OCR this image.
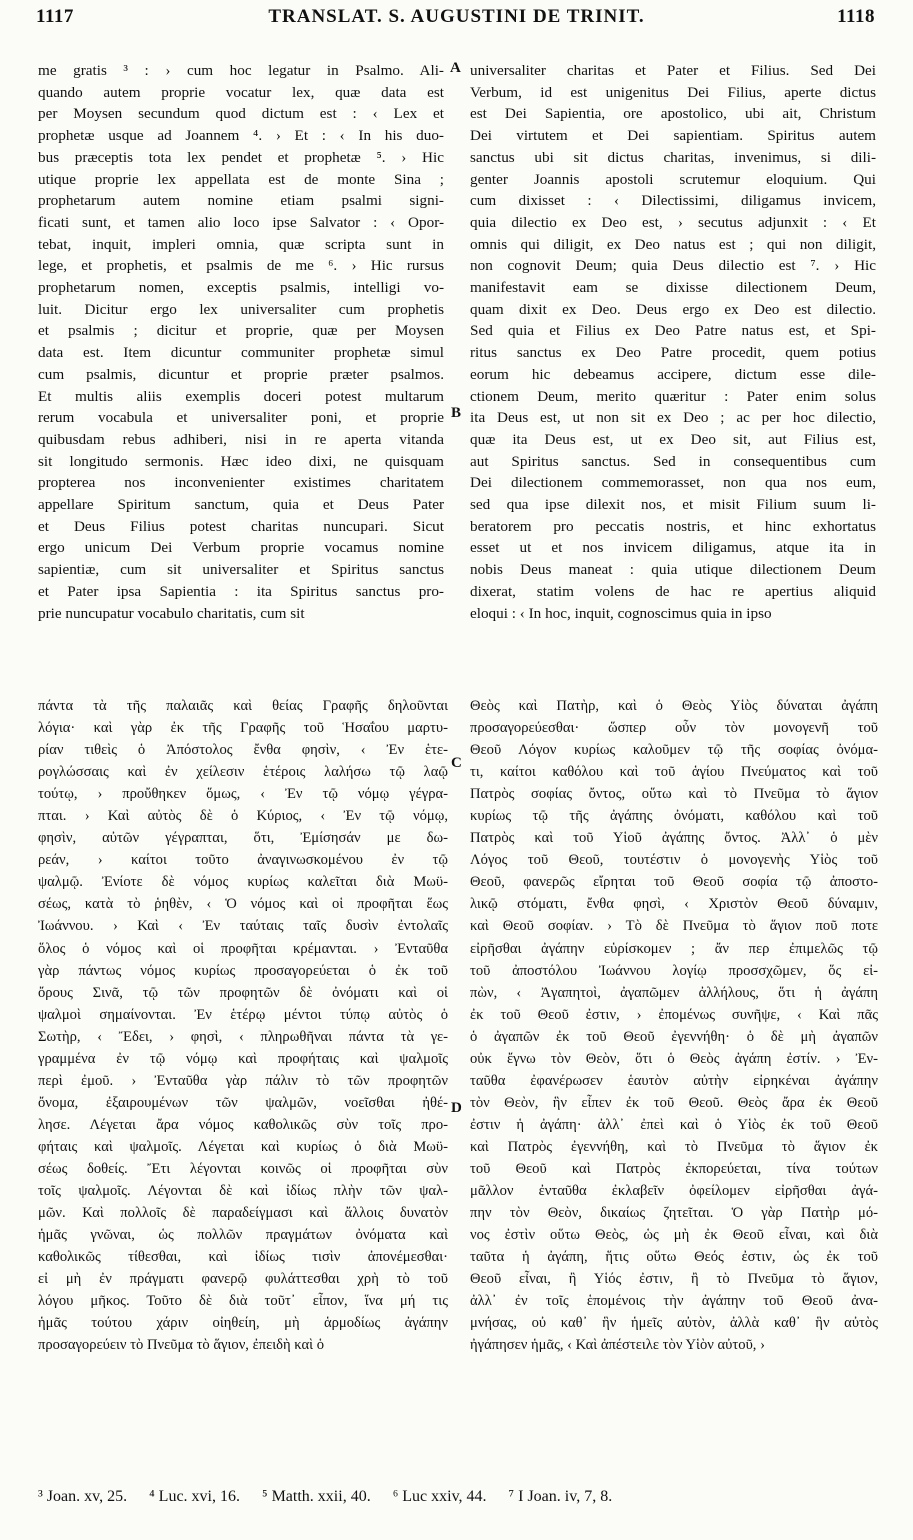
1117	TRANSLAT. S. AUGUSTINI DE TRINIT.	1118

me gratis ³ : › cum hoc legatur in Psalmo. Ali-

quando autem proprie vocatur lex, quæ data est

per Moysen secundum quod dictum est : ‹ Lex et

prophetæ usque ad Joannem ⁴. › Et : ‹ In his duo-

bus præceptis tota lex pendet et prophetæ ⁵. › Hic

utique proprie lex appellata est de monte Sina ;

prophetarum autem nomine etiam psalmi signi-

ficati sunt, et tamen alio loco ipse Salvator : ‹ Opor-

tebat, inquit, impleri omnia, quæ scripta sunt in

lege, et prophetis, et psalmis de me ⁶. › Hic rursus

prophetarum nomen, exceptis psalmis, intelligi vo-

luit. Dicitur ergo lex universaliter cum prophetis

et psalmis ; dicitur et proprie, quæ per Moysen

data est. Item dicuntur communiter prophetæ simul

cum psalmis, dicuntur et proprie præter psalmos.

Et multis aliis exemplis doceri potest multarum

rerum vocabula et universaliter poni, et proprie

quibusdam rebus adhiberi, nisi in re aperta vitanda

sit longitudo sermonis. Hæc ideo dixi, ne quisquam

propterea nos inconvenienter existimes charitatem

appellare Spiritum sanctum, quia et Deus Pater

et Deus Filius potest charitas nuncupari. Sicut

ergo unicum Dei Verbum proprie vocamus nomine

sapientiæ, cum sit universaliter et Spiritus sanctus

et Pater ipsa Sapientia : ita Spiritus sanctus pro-

prie nuncupatur vocabulo charitatis, cum sit

universaliter charitas et Pater et Filius. Sed Dei

Verbum, id est unigenitus Dei Filius, aperte dictus

est Dei Sapientia, ore apostolico, ubi ait, Christum

Dei virtutem et Dei sapientiam. Spiritus autem

sanctus ubi sit dictus charitas, invenimus, si dili-

genter Joannis apostoli scrutemur eloquium. Qui

cum dixisset : ‹ Dilectissimi, diligamus invicem,

quia dilectio ex Deo est, › secutus adjunxit : ‹ Et

omnis qui diligit, ex Deo natus est ; qui non diligit,

non cognovit Deum; quia Deus dilectio est ⁷. › Hic

manifestavit eam se dixisse dilectionem Deum,

quam dixit ex Deo. Deus ergo ex Deo est dilectio.

Sed quia et Filius ex Deo Patre natus est, et Spi-

ritus sanctus ex Deo Patre procedit, quem potius

eorum hic debeamus accipere, dictum esse dile-

ctionem Deum, merito quæritur : Pater enim solus

ita Deus est, ut non sit ex Deo ; ac per hoc dilectio,

quæ ita Deus est, ut ex Deo sit, aut Filius est,

aut Spiritus sanctus. Sed in consequentibus cum

Dei dilectionem commemorasset, non qua nos eum,

sed qua ipse dilexit nos, et misit Filium suum li-

beratorem pro peccatis nostris, et hinc exhortatus

esset ut et nos invicem diligamus, atque ita in

nobis Deus maneat : quia utique dilectionem Deum

dixerat, statim volens de hac re apertius aliquid

eloqui : ‹ In hoc, inquit, cognoscimus quia in ipso

πάντα τὰ τῆς παλαιᾶς καὶ θείας Γραφῆς δηλοῦνται

λόγια· καὶ γὰρ ἐκ τῆς Γραφῆς τοῦ Ἡσαΐου μαρτυ-

ρίαν τιθεὶς ὁ Ἀπόστολος ἔνθα φησὶν, ‹ Ἐν ἑτε-

ρογλώσσαις καὶ ἐν χείλεσιν ἑτέροις λαλήσω τῷ λαῷ

τούτῳ, › προὔθηκεν ὅμως, ‹ Ἐν τῷ νόμῳ γέγρα-

πται. › Καὶ αὐτὸς δὲ ὁ Κύριος, ‹ Ἐν τῷ νόμῳ,

φησὶν, αὐτῶν γέγραπται, ὅτι, Ἐμίσησάν με δω-

ρεάν, › καίτοι τοῦτο ἀναγινωσκομένου ἐν τῷ

ψαλμῷ. Ἐνίοτε δὲ νόμος κυρίως καλεῖται διὰ Μωϋ-

σέως, κατὰ τὸ ῥηθὲν, ‹ Ὁ νόμος καὶ οἱ προφῆται ἕως

Ἰωάννου. › Καὶ ‹ Ἐν ταύταις ταῖς δυσὶν ἐντολαῖς

ὅλος ὁ νόμος καὶ οἱ προφῆται κρέμανται. › Ἐνταῦθα

γὰρ πάντως νόμος κυρίως προσαγορεύεται ὁ ἐκ τοῦ

ὄρους Σινᾶ, τῷ τῶν προφητῶν δὲ ὀνόματι καὶ οἱ

ψαλμοὶ σημαίνονται. Ἐν ἑτέρῳ μέντοι τύπῳ αὐτὸς ὁ

Σωτὴρ, ‹ Ἔδει, › φησὶ, ‹ πληρωθῆναι πάντα τὰ γε-

γραμμένα ἐν τῷ νόμῳ καὶ προφήταις καὶ ψαλμοῖς

περὶ ἐμοῦ. › Ἐνταῦθα γὰρ πάλιν τὸ τῶν προφητῶν

ὄνομα, ἐξαιρουμένων τῶν ψαλμῶν, νοεῖσθαι ἠθέ-

λησε. Λέγεται ἄρα νόμος καθολικῶς σὺν τοῖς προ-

φήταις καὶ ψαλμοῖς. Λέγεται καὶ κυρίως ὁ διὰ Μωϋ-

σέως δοθείς. Ἔτι λέγονται κοινῶς οἱ προφῆται σὺν

τοῖς ψαλμοῖς. Λέγονται δὲ καὶ ἰδίως πλὴν τῶν ψαλ-

μῶν. Καὶ πολλοῖς δὲ παραδείγμασι καὶ ἄλλοις δυνατὸν

ἡμᾶς γνῶναι, ὡς πολλῶν πραγμάτων ὀνόματα καὶ

καθολικῶς τίθεσθαι, καὶ ἰδίως τισὶν ἀπονέμεσθαι·

εἰ μὴ ἐν πράγματι φανερῷ φυλάττεσθαι χρὴ τὸ τοῦ

λόγου μῆκος. Τοῦτο δὲ διὰ τοῦτ᾽ εἶπον, ἵνα μή τις

ἡμᾶς τούτου χάριν οἰηθείη, μὴ ἁρμοδίως ἀγάπην

προσαγορεύειν τὸ Πνεῦμα τὸ ἅγιον, ἐπειδὴ καὶ ὁ

Θεὸς καὶ Πατὴρ, καὶ ὁ Θεὸς Υἱὸς δύναται ἀγάπη

προσαγορεύεσθαι· ὥσπερ οὖν τὸν μονογενῆ τοῦ

Θεοῦ Λόγον κυρίως καλοῦμεν τῷ τῆς σοφίας ὀνόμα-

τι, καίτοι καθόλου καὶ τοῦ ἁγίου Πνεύματος καὶ τοῦ

Πατρὸς σοφίας ὄντος, οὕτω καὶ τὸ Πνεῦμα τὸ ἅγιον

κυρίως τῷ τῆς ἀγάπης ὀνόματι, καθόλου καὶ τοῦ

Πατρὸς καὶ τοῦ Υἱοῦ ἀγάπης ὄντος. Ἀλλ᾽ ὁ μὲν

Λόγος τοῦ Θεοῦ, τουτέστιν ὁ μονογενὴς Υἱὸς τοῦ

Θεοῦ, φανερῶς εἴρηται τοῦ Θεοῦ σοφία τῷ ἀποστο-

λικῷ στόματι, ἔνθα φησὶ, ‹ Χριστὸν Θεοῦ δύναμιν,

καὶ Θεοῦ σοφίαν. › Τὸ δὲ Πνεῦμα τὸ ἅγιον ποῦ ποτε

εἰρῆσθαι ἀγάπην εὑρίσκομεν ; ἄν περ ἐπιμελῶς τῷ

τοῦ ἀποστόλου Ἰωάννου λογίῳ προσσχῶμεν, ὅς εἰ-

πὼν, ‹ Ἀγαπητοὶ, ἀγαπῶμεν ἀλλήλους, ὅτι ἡ ἀγάπη

ἐκ τοῦ Θεοῦ ἐστιν, › ἐπομένως συνῆψε, ‹ Καὶ πᾶς

ὁ ἀγαπῶν ἐκ τοῦ Θεοῦ ἐγεννήθη· ὁ δὲ μὴ ἀγαπῶν

οὐκ ἔγνω τὸν Θεὸν, ὅτι ὁ Θεὸς ἀγάπη ἐστίν. › Ἐν-

ταῦθα ἐφανέρωσεν ἑαυτὸν αὐτὴν εἰρηκέναι ἀγάπην

τὸν Θεὸν, ἣν εἶπεν ἐκ τοῦ Θεοῦ. Θεὸς ἄρα ἐκ Θεοῦ

ἐστιν ἡ ἀγάπη· ἀλλ᾽ ἐπεὶ καὶ ὁ Υἱὸς ἐκ τοῦ Θεοῦ

καὶ Πατρὸς ἐγεννήθη, καὶ τὸ Πνεῦμα τὸ ἅγιον ἐκ

τοῦ Θεοῦ καὶ Πατρὸς ἐκπορεύεται, τίνα τούτων

μᾶλλον ἐνταῦθα ἐκλαβεῖν ὀφείλομεν εἰρῆσθαι ἀγά-

πην τὸν Θεὸν, δικαίως ζητεῖται. Ὁ γὰρ Πατὴρ μό-

νος ἐστὶν οὕτω Θεὸς, ὡς μὴ ἐκ Θεοῦ εἶναι, καὶ διὰ

ταῦτα ἡ ἀγάπη, ἥτις οὕτω Θεός ἐστιν, ὡς ἐκ τοῦ

Θεοῦ εἶναι, ἢ Υἱός ἐστιν, ἢ τὸ Πνεῦμα τὸ ἅγιον,

ἀλλ᾽ ἐν τοῖς ἑπομένοις τὴν ἀγάπην τοῦ Θεοῦ ἀνα-

μνήσας, οὐ καθ᾽ ἣν ἡμεῖς αὐτὸν, ἀλλὰ καθ᾽ ἣν αὐτὸς

ἠγάπησεν ἡμᾶς, ‹ Καὶ ἀπέστειλε τὸν Υἱὸν αὐτοῦ, ›

A
B
C
D
³ Joan. xv, 25. ⁴ Luc. xvi, 16. ⁵ Matth. xxii, 40. ⁶ Luc xxiv, 44. ⁷ I Joan. iv, 7, 8.
